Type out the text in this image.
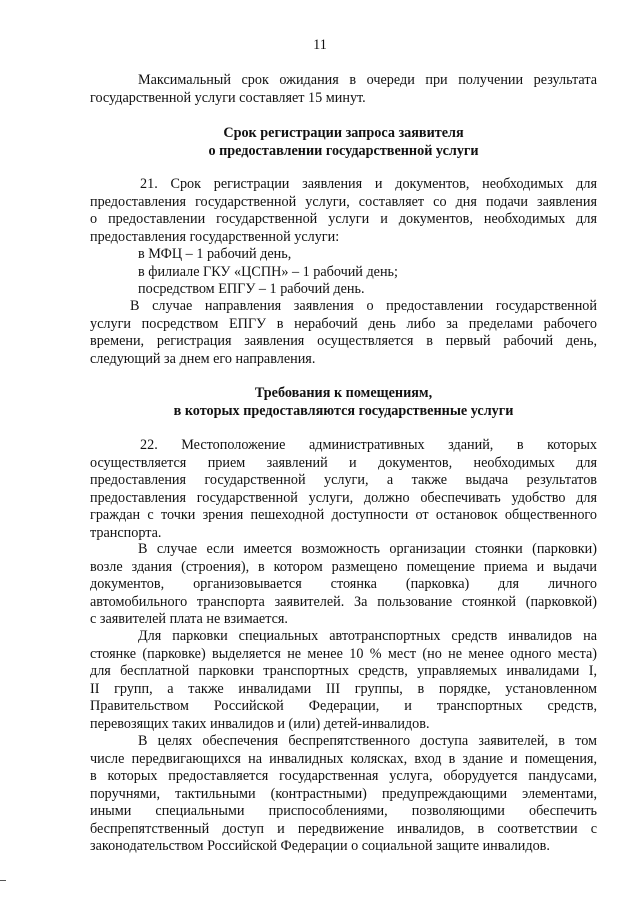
11
Максимальный срок ожидания в очереди при получении результата
государственной услуги составляет 15 минут.
Срок регистрации запроса заявителя
о предоставлении государственной услуги
21. Срок регистрации заявления и документов, необходимых для
предоставления государственной услуги, составляет со дня подачи заявления
о предоставлении государственной услуги и документов, необходимых для
предоставления государственной услуги:
в МФЦ – 1 рабочий день,
в филиале ГКУ «ЦСПН» – 1 рабочий день;
посредством ЕПГУ – 1 рабочий день.
В случае направления заявления о предоставлении государственной
услуги посредством ЕПГУ в нерабочий день либо за пределами рабочего
времени, регистрация заявления осуществляется в первый рабочий день,
следующий за днем его направления.
Требования к помещениям,
в которых предоставляются государственные услуги
22. Местоположение административных зданий, в которых
осуществляется прием заявлений и документов, необходимых для
предоставления государственной услуги, а также выдача результатов
предоставления государственной услуги, должно обеспечивать удобство для
граждан с точки зрения пешеходной доступности от остановок общественного
транспорта.
В случае если имеется возможность организации стоянки (парковки)
возле здания (строения), в котором размещено помещение приема и выдачи
документов, организовывается стоянка (парковка) для личного
автомобильного транспорта заявителей. За пользование стоянкой (парковкой)
с заявителей плата не взимается.
Для парковки специальных автотранспортных средств инвалидов на
стоянке (парковке) выделяется не менее 10 % мест (но не менее одного места)
для бесплатной парковки транспортных средств, управляемых инвалидами I,
II групп, а также инвалидами III группы, в порядке, установленном
Правительством Российской Федерации, и транспортных средств,
перевозящих таких инвалидов и (или) детей-инвалидов.
В целях обеспечения беспрепятственного доступа заявителей, в том
числе передвигающихся на инвалидных колясках, вход в здание и помещения,
в которых предоставляется государственная услуга, оборудуется пандусами,
поручнями, тактильными (контрастными) предупреждающими элементами,
иными специальными приспособлениями, позволяющими обеспечить
беспрепятственный доступ и передвижение инвалидов, в соответствии с
законодательством Российской Федерации о социальной защите инвалидов.
